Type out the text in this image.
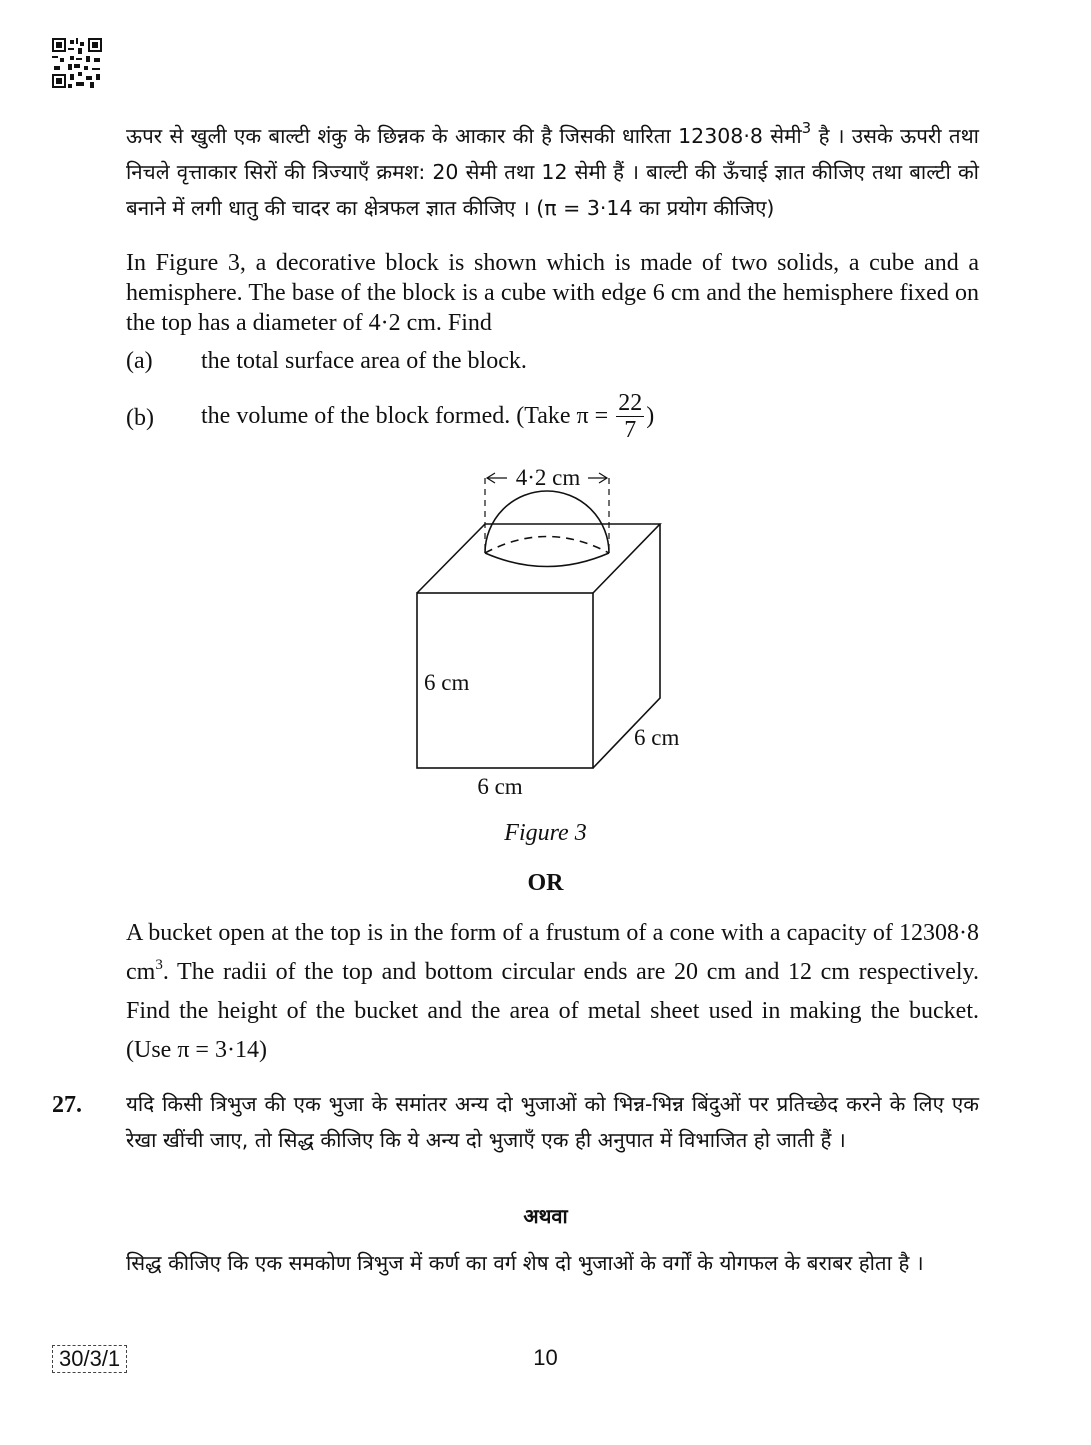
ऊपर से खुली एक बाल्टी शंकु के छिन्नक के आकार की है जिसकी धारिता 12308·8 सेमी$^3$ है । उसके ऊपरी तथा निचले वृत्ताकार सिरों की त्रिज्याएँ क्रमश: 20 सेमी तथा 12 सेमी हैं । बाल्टी की ऊँचाई ज्ञात कीजिए तथा बाल्टी को बनाने में लगी धातु की चादर का क्षेत्रफल ज्ञात कीजिए । (π = 3·14 का प्रयोग कीजिए)
In Figure 3, a decorative block is shown which is made of two solids, a cube and a hemisphere. The base of the block is a cube with edge 6 cm and the hemisphere fixed on the top has a diameter of 4·2 cm. Find
(a) the total surface area of the block.
(b) the volume of the block formed. (Take $\pi = \frac{22}{7}$ )
4·2 cm
6 cm
6 cm
6 cm
Figure 3
OR
A bucket open at the top is in the form of a frustum of a cone with a capacity of 12308·8 $cm^3$. The radii of the top and bottom circular ends are 20 cm and 12 cm respectively. Find the height of the bucket and the area of metal sheet used in making the bucket. (Use π = 3·14)
27. यदि किसी त्रिभुज की एक भुजा के समांतर अन्य दो भुजाओं को भिन्न-भिन्न बिंदुओं पर प्रतिच्छेद करने के लिए एक रेखा खींची जाए, तो सिद्ध कीजिए कि ये अन्य दो भुजाएँ एक ही अनुपात में विभाजित हो जाती हैं ।
अथवा
सिद्ध कीजिए कि एक समकोण त्रिभुज में कर्ण का वर्ग शेष दो भुजाओं के वर्गों के योगफल के बराबर होता है ।
30/3/1	10
